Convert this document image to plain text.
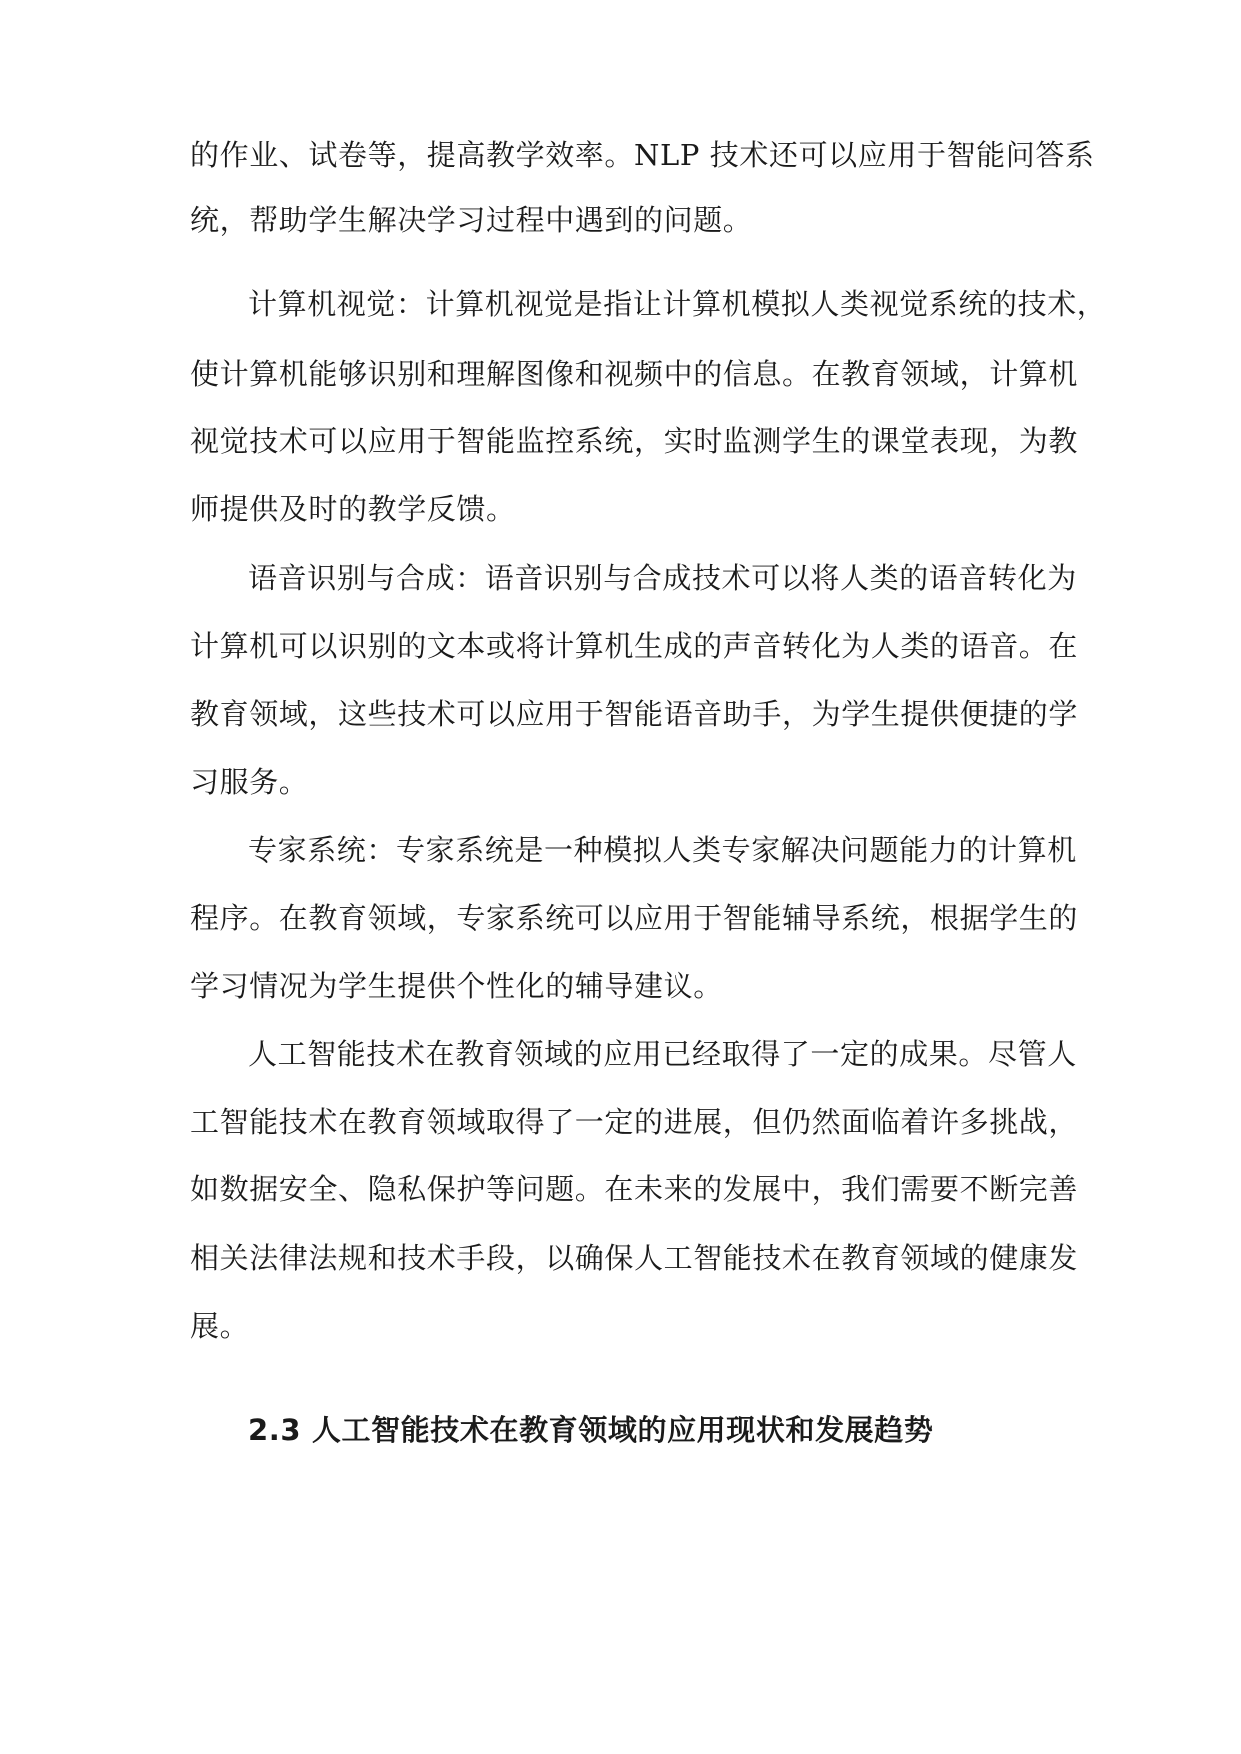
的作业、试卷等，提高教学效率。NLP 技术还可以应用于智能问答系
统，帮助学生解决学习过程中遇到的问题。
计算机视觉：计算机视觉是指让计算机模拟人类视觉系统的技术，
使计算机能够识别和理解图像和视频中的信息。在教育领域，计算机
视觉技术可以应用于智能监控系统，实时监测学生的课堂表现，为教
师提供及时的教学反馈。
语音识别与合成：语音识别与合成技术可以将人类的语音转化为
计算机可以识别的文本或将计算机生成的声音转化为人类的语音。在
教育领域，这些技术可以应用于智能语音助手，为学生提供便捷的学
习服务。
专家系统：专家系统是一种模拟人类专家解决问题能力的计算机
程序。在教育领域，专家系统可以应用于智能辅导系统，根据学生的
学习情况为学生提供个性化的辅导建议。
人工智能技术在教育领域的应用已经取得了一定的成果。尽管人
工智能技术在教育领域取得了一定的进展，但仍然面临着许多挑战，
如数据安全、隐私保护等问题。在未来的发展中，我们需要不断完善
相关法律法规和技术手段，以确保人工智能技术在教育领域的健康发
展。
2.3 人工智能技术在教育领域的应用现状和发展趋势
